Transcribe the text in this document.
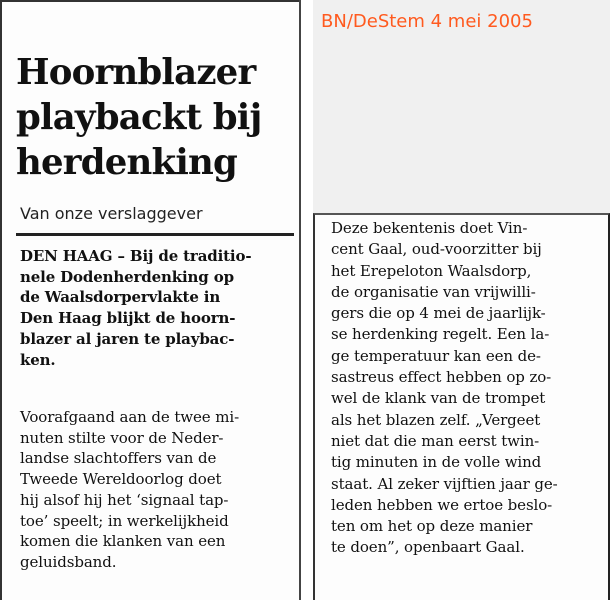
Hoornblazer
playbackt bij
herdenking
Van onze verslaggever
DEN HAAG – Bij de traditio-
nele Dodenherdenking op
de Waalsdorpervlakte in
Den Haag blijkt de hoorn-
blazer al jaren te playbac-
ken.
Voorafgaand aan de twee mi-
nuten stilte voor de Neder-
landse slachtoffers van de
Tweede Wereldoorlog doet
hij alsof hij het ‘signaal tap-
toe’ speelt; in werkelijkheid
komen die klanken van een
geluidsband.
BN/DeStem 4 mei 2005
Deze bekentenis doet Vin-
cent Gaal, oud-voorzitter bij
het Erepeloton Waalsdorp,
de organisatie van vrijwilli-
gers die op 4 mei de jaarlijk-
se herdenking regelt. Een la-
ge temperatuur kan een de-
sastreus effect hebben op zo-
wel de klank van de trompet
als het blazen zelf. „Vergeet
niet dat die man eerst twin-
tig minuten in de volle wind
staat. Al zeker vijftien jaar ge-
leden hebben we ertoe beslo-
ten om het op deze manier
te doen”, openbaart Gaal.
